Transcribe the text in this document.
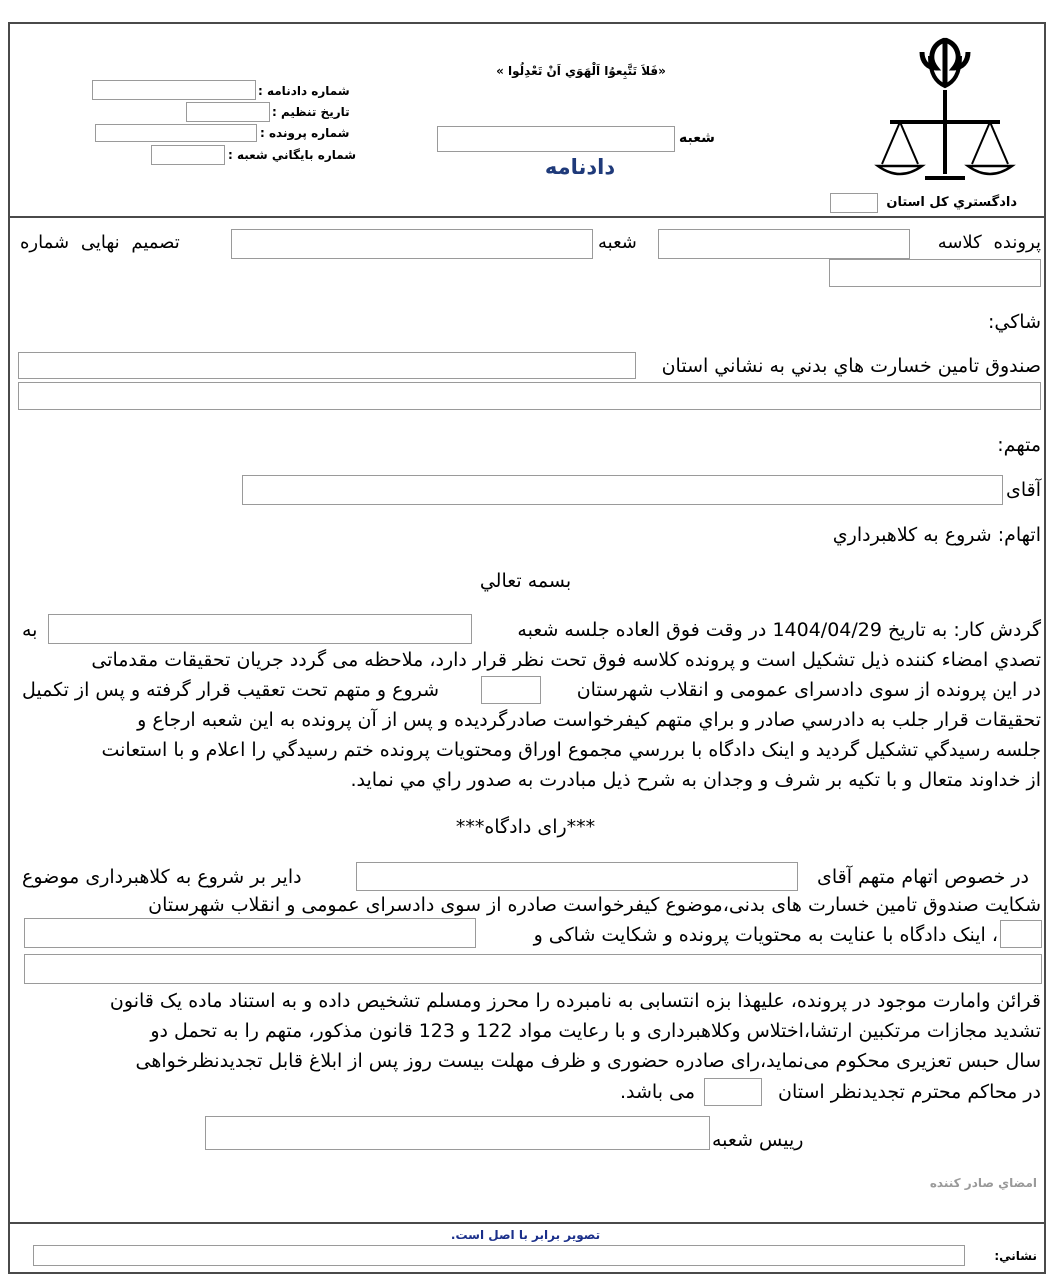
دادگستري كل استان
«فَلاَ تَتَّبِعوُا اَلْهَوَي اَنْ تَعْدِلُوا »
شعبه
دادنامه
شماره دادنامه :
تاريخ تنظيم :
شماره پرونده :
شماره بايگاني شعبه :
پرونده كلاسه
شعبه
تصميم نهايى شماره
شاكي:
صندوق تامين خسارت هاي بدني به نشاني استان
متهم:
آقاى
اتهام: شروع به كلاهبرداري
بسمه تعالي
گردش كار: به تاريخ 1404/04/29 در وقت فوق العاده جلسه شعبه
به
تصدي امضاء كننده ذيل تشكيل است و پرونده كلاسه فوق تحت نظر قرار دارد، ملاحظه مى گردد جريان تحقيقات مقدماتى
در اين پرونده از سوى دادسراى عمومى و انقلاب شهرستان
شروع و متهم تحت تعقيب قرار گرفته و پس از تكميل
تحقيقات قرار جلب به دادرسي صادر و براي متهم كيفرخواست صادرگرديده و پس از آن پرونده به اين شعبه ارجاع و
جلسه رسيدگي تشكيل گرديد و اينک دادگاه با بررسي مجموع اوراق ومحتويات پرونده ختم رسيدگي را اعلام و با استعانت
از خداوند متعال و با تكيه بر شرف و وجدان به شرح ذيل مبادرت به صدور راي مي نمايد.
***راى دادگاه***
در خصوص اتهام متهم آقاى
داير بر شروع به كلاهبردارى موضوع
شكايت صندوق تامين خسارت هاى بدنى،موضوع كيفرخواست صادره از سوى دادسراى عمومى و انقلاب شهرستان
، اينک دادگاه با عنايت به محتويات پرونده و شكايت شاكى و
قرائن وامارت موجود در پرونده، عليهذا بزه انتسابى به نامبرده را محرز ومسلم تشخيص داده و به استناد ماده يک قانون
تشديد مجازات مرتكبين ارتشا،اختلاس وكلاهبردارى و با رعايت مواد 122 و 123 قانون مذكور، متهم را به تحمل دو
سال حبس تعزيرى محكوم مى‌نمايد،راى صادره حضورى و ظرف مهلت بيست روز پس از ابلاغ قابل تجديدنظرخواهى
در محاكم محترم تجديدنظر استان
مى باشد.
رييس شعبه
امضاي صادر كننده
تصوير برابر با اصل است.
نشاني:
